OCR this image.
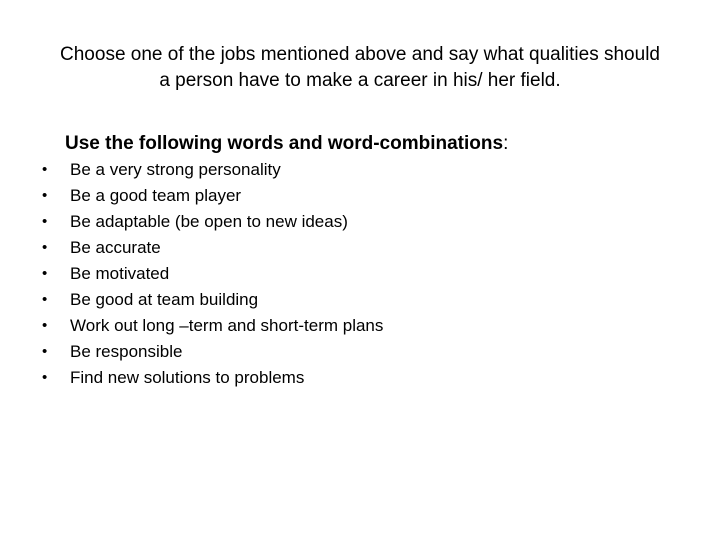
Choose one of the jobs mentioned above and say what qualities should
a person have to make a career in his/ her field.
Use the following words and word-combinations:
• Be a very strong personality
• Be a good team player
• Be adaptable (be open to new ideas)
• Be accurate
• Be motivated
• Be good at team building
• Work out long –term and short-term plans
• Be responsible
• Find new solutions to problems
